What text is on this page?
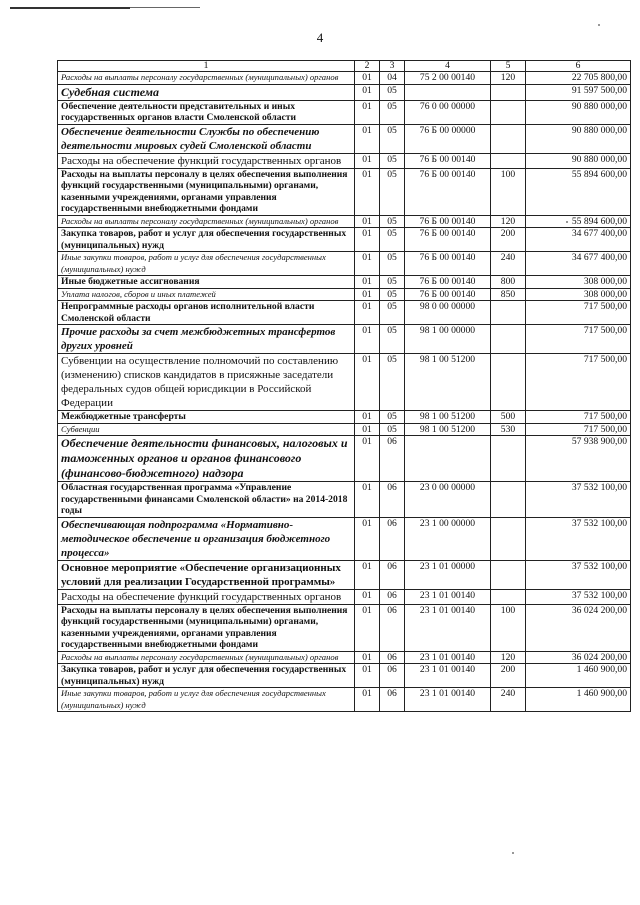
4
1	2	3	4	5	6
Расходы на выплаты персоналу государственных (муниципальных) органов	01	04	75 2 00 00140	120	22 705 800,00
Судебная система	01	05			91 597 500,00
Обеспечение деятельности представительных и иных государственных органов власти Смоленской области	01	05	76 0 00 00000		90 880 000,00
Обеспечение деятельности Службы по обеспечению деятельности мировых судей Смоленской области	01	05	76 Б 00 00000		90 880 000,00
Расходы на обеспечение функций государственных органов	01	05	76 Б 00 00140		90 880 000,00
Расходы на выплаты персоналу в целях обеспечения выполнения функций государственными (муниципальными) органами, казенными учреждениями, органами управления государственными внебюджетными фондами	01	05	76 Б 00 00140	100	55 894 600,00
Расходы на выплаты персоналу государственных (муниципальных) органов	01	05	76 Б 00 00140	120	55 894 600,00
Закупка товаров, работ и услуг для обеспечения государственных (муниципальных) нужд	01	05	76 Б 00 00140	200	34 677 400,00
Иные закупки товаров, работ и услуг для обеспечения государственных (муниципальных) нужд	01	05	76 Б 00 00140	240	34 677 400,00
Иные бюджетные ассигнования	01	05	76 Б 00 00140	800	308 000,00
Уплата налогов, сборов и иных платежей	01	05	76 Б 00 00140	850	308 000,00
Непрограммные расходы органов исполнительной власти Смоленской области	01	05	98 0 00 00000		717 500,00
Прочие расходы за счет межбюджетных трансфертов других уровней	01	05	98 1 00 00000		717 500,00
Субвенции на осуществление полномочий по составлению (изменению) списков кандидатов в присяжные заседатели федеральных судов общей юрисдикции в Российской Федерации	01	05	98 1 00 51200		717 500,00
Межбюджетные трансферты	01	05	98 1 00 51200	500	717 500,00
Субвенции	01	05	98 1 00 51200	530	717 500,00
Обеспечение деятельности финансовых, налоговых и таможенных органов и органов финансового (финансово-бюджетного) надзора	01	06			57 938 900,00
Областная государственная программа «Управление государственными финансами Смоленской области» на 2014-2018 годы	01	06	23 0 00 00000		37 532 100,00
Обеспечивающая подпрограмма «Нормативно-методическое обеспечение и организация бюджетного процесса»	01	06	23 1 00 00000		37 532 100,00
Основное мероприятие «Обеспечение организационных условий для реализации Государственной программы»	01	06	23 1 01 00000		37 532 100,00
Расходы на обеспечение функций государственных органов	01	06	23 1 01 00140		37 532 100,00
Расходы на выплаты персоналу в целях обеспечения выполнения функций государственными (муниципальными) органами, казенными учреждениями, органами управления государственными внебюджетными фондами	01	06	23 1 01 00140	100	36 024 200,00
Расходы на выплаты персоналу государственных (муниципальных) органов	01	06	23 1 01 00140	120	36 024 200,00
Закупка товаров, работ и услуг для обеспечения государственных (муниципальных) нужд	01	06	23 1 01 00140	200	1 460 900,00
Иные закупки товаров, работ и услуг для обеспечения государственных (муниципальных) нужд	01	06	23 1 01 00140	240	1 460 900,00
